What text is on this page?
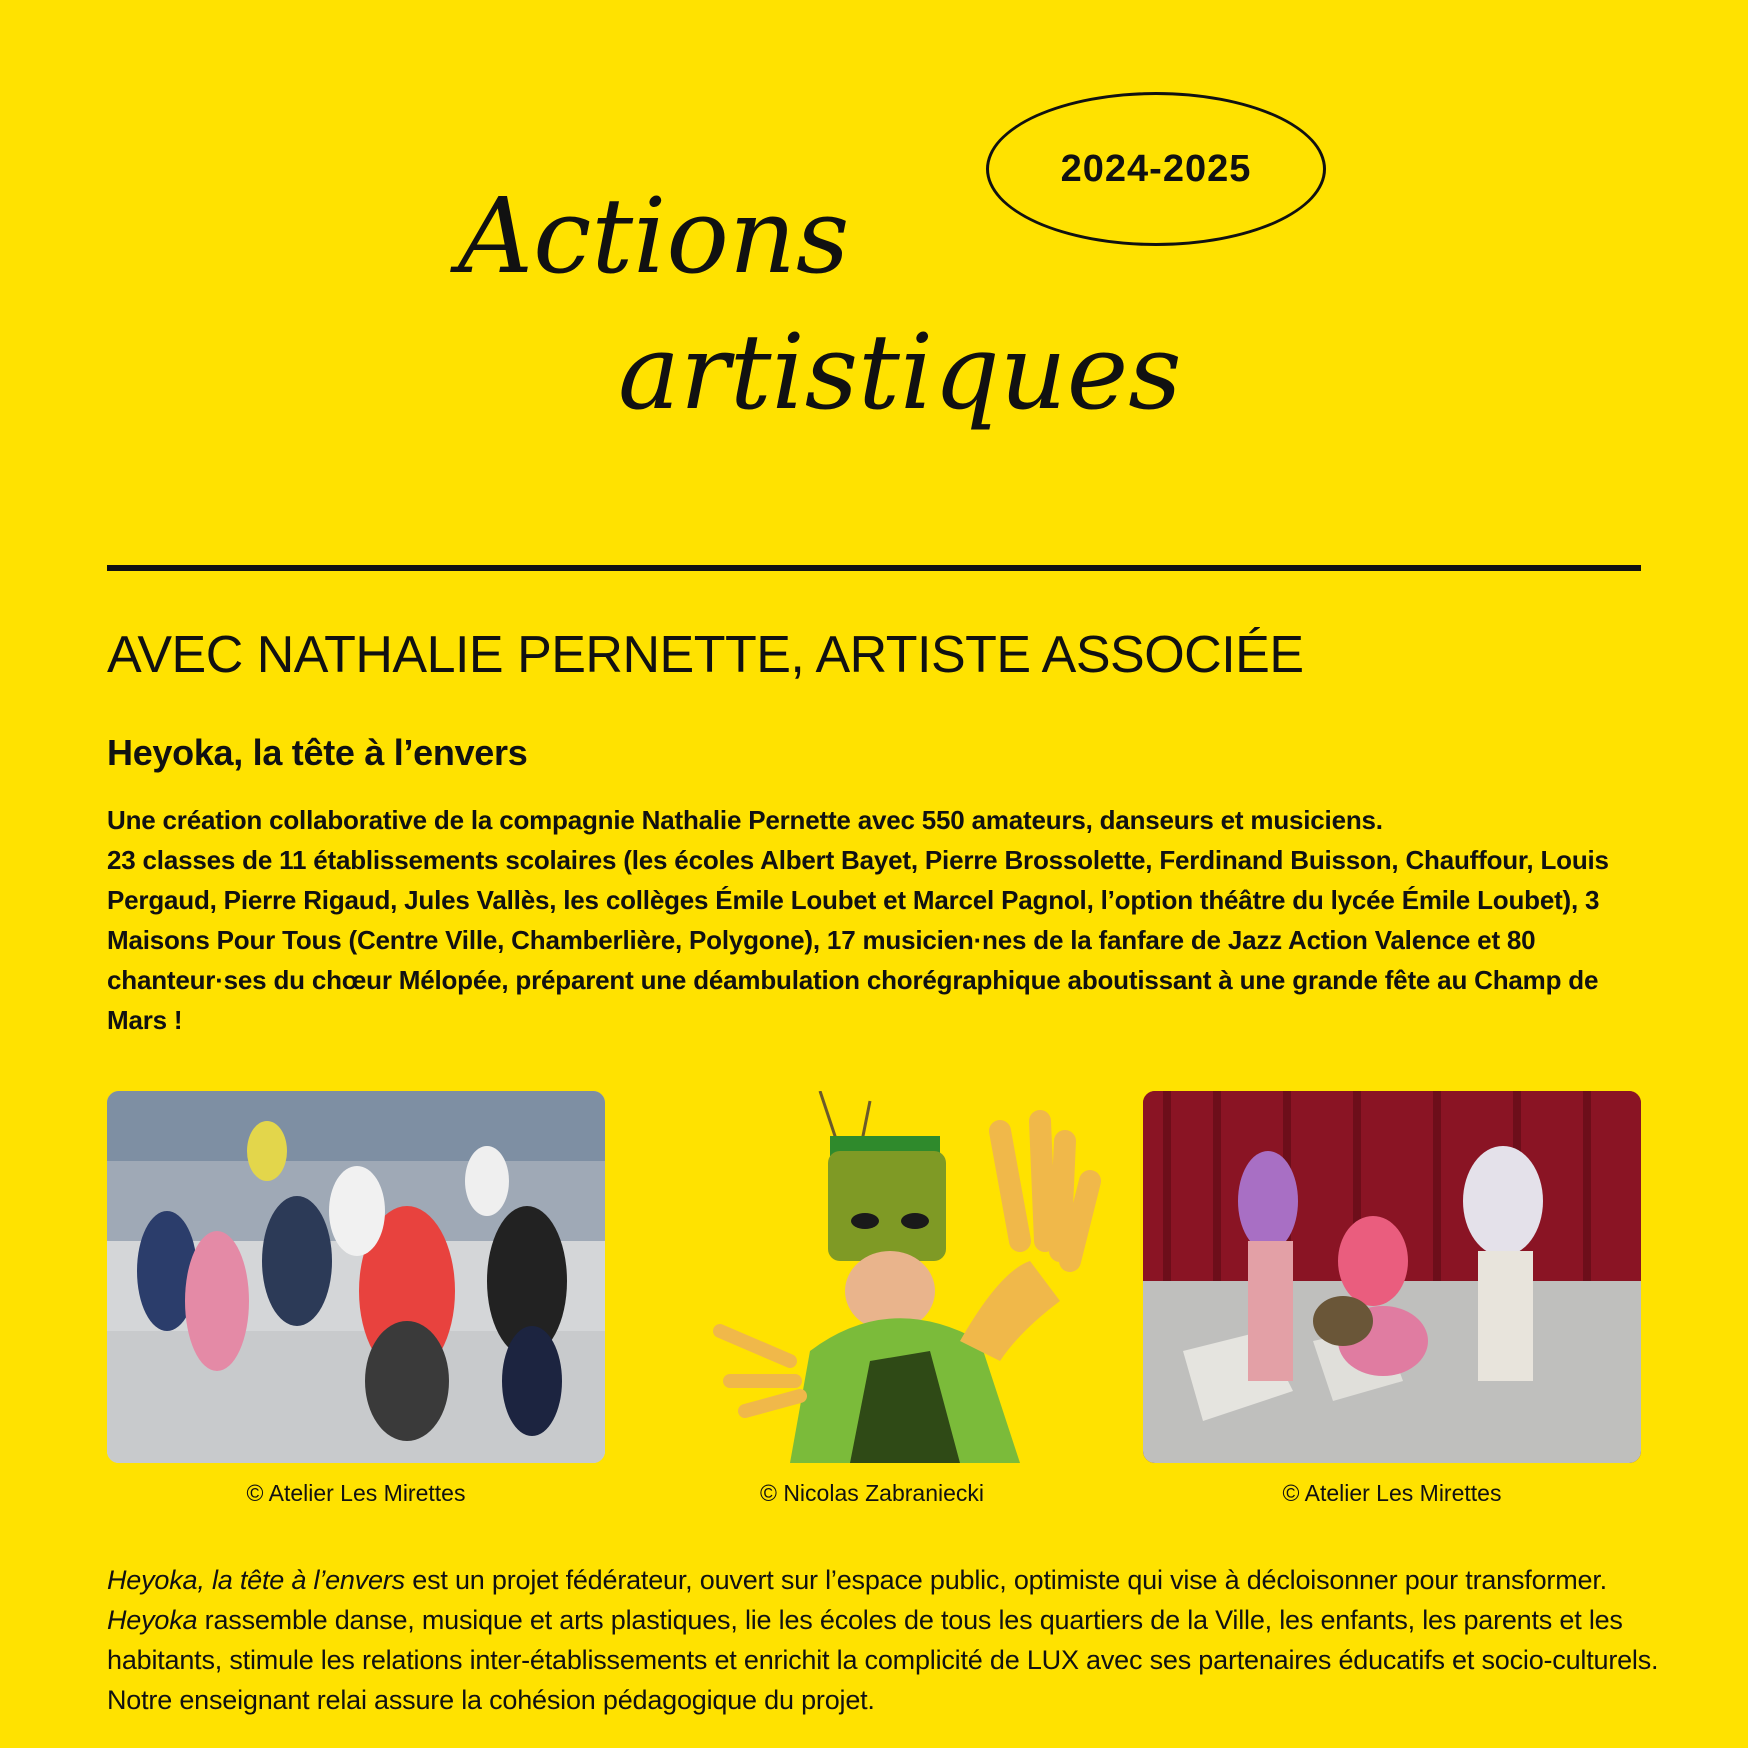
2024-2025
Actions
artistiques
AVEC NATHALIE PERNETTE, ARTISTE ASSOCIÉE
Heyoka, la tête à l’envers

Une création collaborative de la compagnie Nathalie Pernette avec 550 amateurs, danseurs et musiciens.

23 classes de 11 établissements scolaires (les écoles Albert Bayet, Pierre Brossolette, Ferdinand Buisson, Chauffour, Louis Pergaud, Pierre Rigaud, Jules Vallès, les collèges Émile Loubet et Marcel Pagnol, l’option théâtre du lycée Émile Loubet), 3 Maisons Pour Tous (Centre Ville, Chamberlière, Polygone), 17 musicien·nes de la fanfare de Jazz Action Valence et 80 chanteur·ses du chœur Mélopée, préparent une déambulation chorégraphique aboutissant à une grande fête au Champ de Mars !

© Atelier Les Mirettes	© Nicolas Zabraniecki	© Atelier Les Mirettes

Heyoka, la tête à l’envers est un projet fédérateur, ouvert sur l’espace public, optimiste qui vise à décloisonner pour transformer. Heyoka rassemble danse, musique et arts plastiques, lie les écoles de tous les quartiers de la Ville, les enfants, les parents et les habitants, stimule les relations inter-établissements et enrichit la complicité de LUX avec ses partenaires éducatifs et socio-culturels. Notre enseignant relai assure la cohésion pédagogique du projet.
